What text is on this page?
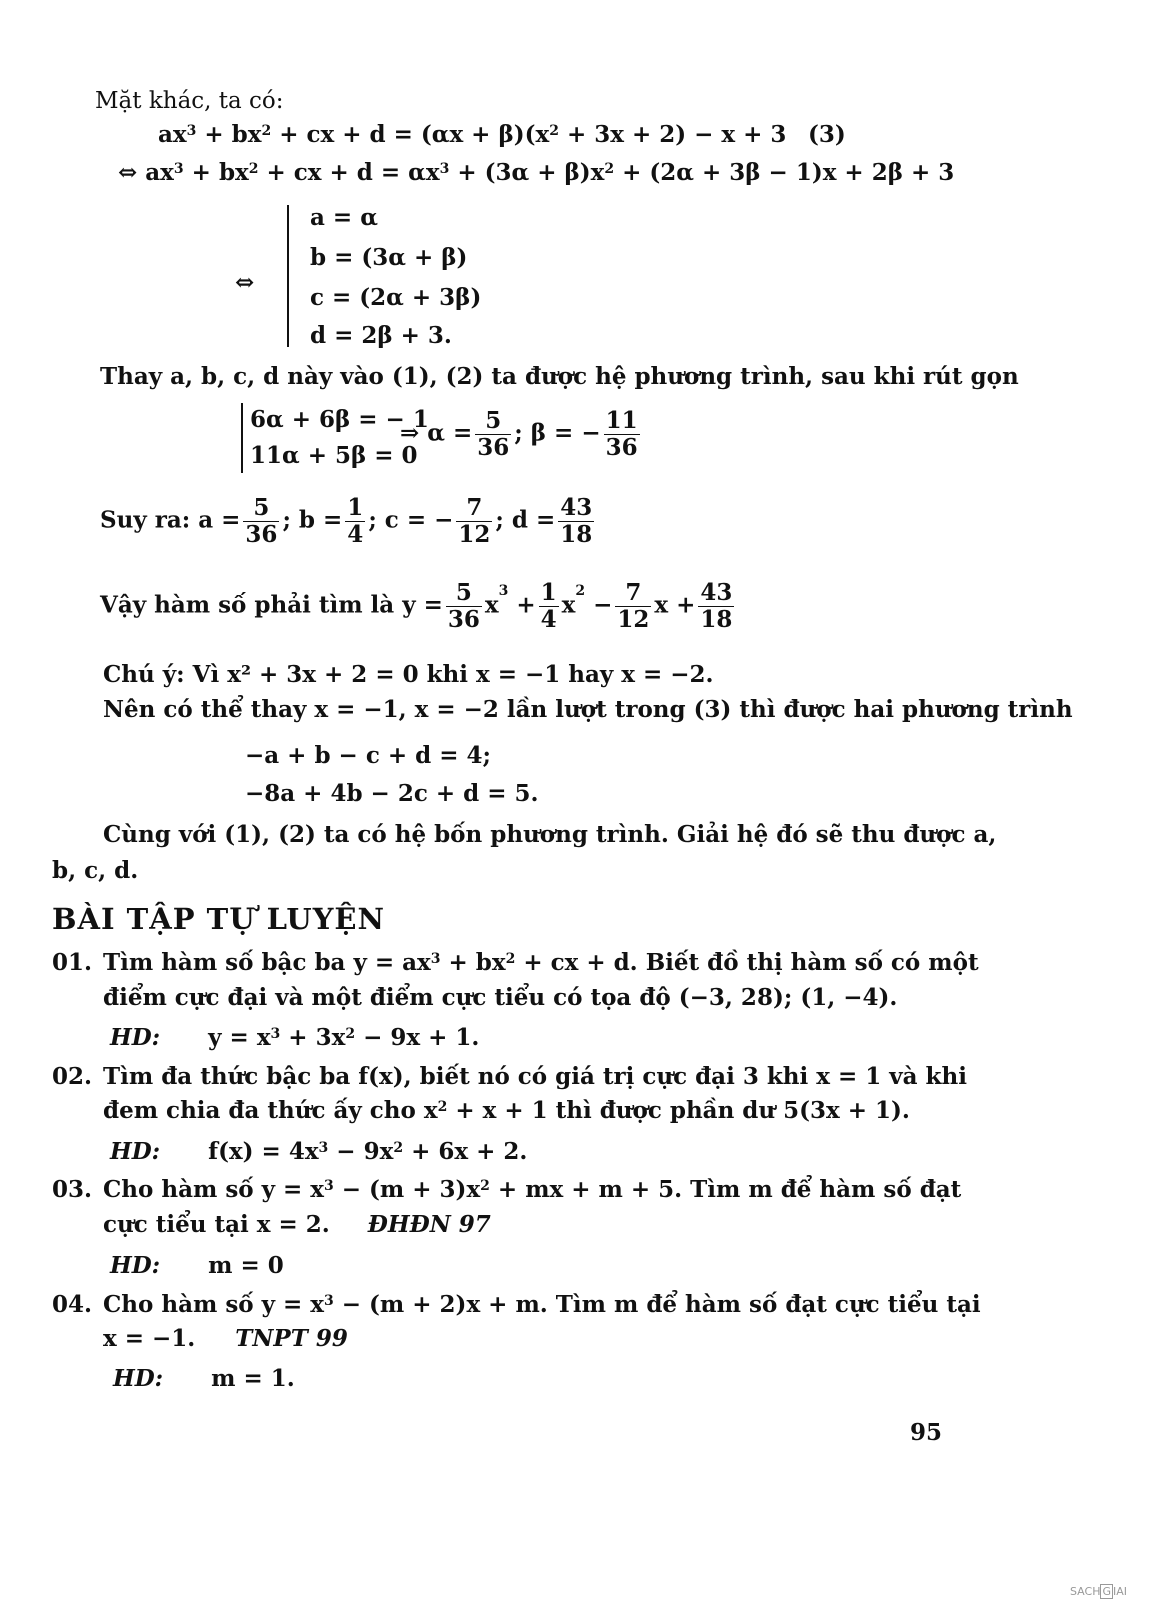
Mặt khác, ta có:
$ax^3 + bx^2$ + cx + $d = (\alpha x + \beta)(x^2 + 3x + 2) - x + 3$ (3)
⇔ $ax^3 + bx^2$ + cx + $d = \alpha x^3 + (3\alpha + \beta)x^2 + (2\alpha + 3\beta - 1)x + 2\beta + 3$
⇔
a = α
b = (3α + β)
c = (2α + 3β)
d = 2β + 3.
Thay a, b, c, d này vào (1), (2) ta được hệ phương trình, sau khi rút gọn
6α + 6β = − 1
11α + 5β = 0
⇒ $\alpha = \frac{5}{36}$ ; β = − $\frac{11}{36}$
Suy ra: $a = \frac{5}{36}$ ; $b = \frac{1}{4}$ ; c = − $\frac{7}{12}$ ; $d = \frac{43}{18}$
Vậy hàm số phải tìm là $y = \frac{5}{36} x^3 + \frac{1}{4} x^2 - \frac{7}{12}$ $x + \frac{43}{18}$
Chú ý: Vì x² + 3x + 2 = 0 khi x = −1 hay x = −2.
Nên có thể thay x = −1, x = −2 lần lượt trong (3) thì được hai phương trình
−a + b − c + d = 4;
−8a + 4b − 2c + d = 5.
Cùng với (1), (2) ta có hệ bốn phương trình. Giải hệ đó sẽ thu được a,
b, c, d.
BÀI TẬP TỰ LUYỆN
01. Tìm hàm số bậc ba $y = ax^3 + bx^2$ + cx + d. Biết đồ thị hàm số có một
điểm cực đại và một điểm cực tiểu có tọa độ (−3, 28); (1, −4).
HD: $y = x^3 + 3x^2 - 9x + 1$.
02. Tìm đa thức bậc ba f(x), biết nó có giá trị cực đại 3 khi x = 1 và khi
đem chia đa thức ấy cho $x^2 + x + 1$ thì được phần dư 5(3x + 1).
HD: $f(x) = 4x^3 - 9x^2 + 6x + 2$.
03. Cho hàm số $y = x^3 - (m + 3)x^2$ + mx + m + 5. Tìm m để hàm số đạt
cực tiểu tại x = 2. ĐHĐN 97
HD: m = 0
04. Cho hàm số $y = x^3 - (m + 2)x + m$. Tìm m để hàm số đạt cực tiểu tại
x = −1. TNPT 99
HD: m = 1.
95
SACH G IAI
